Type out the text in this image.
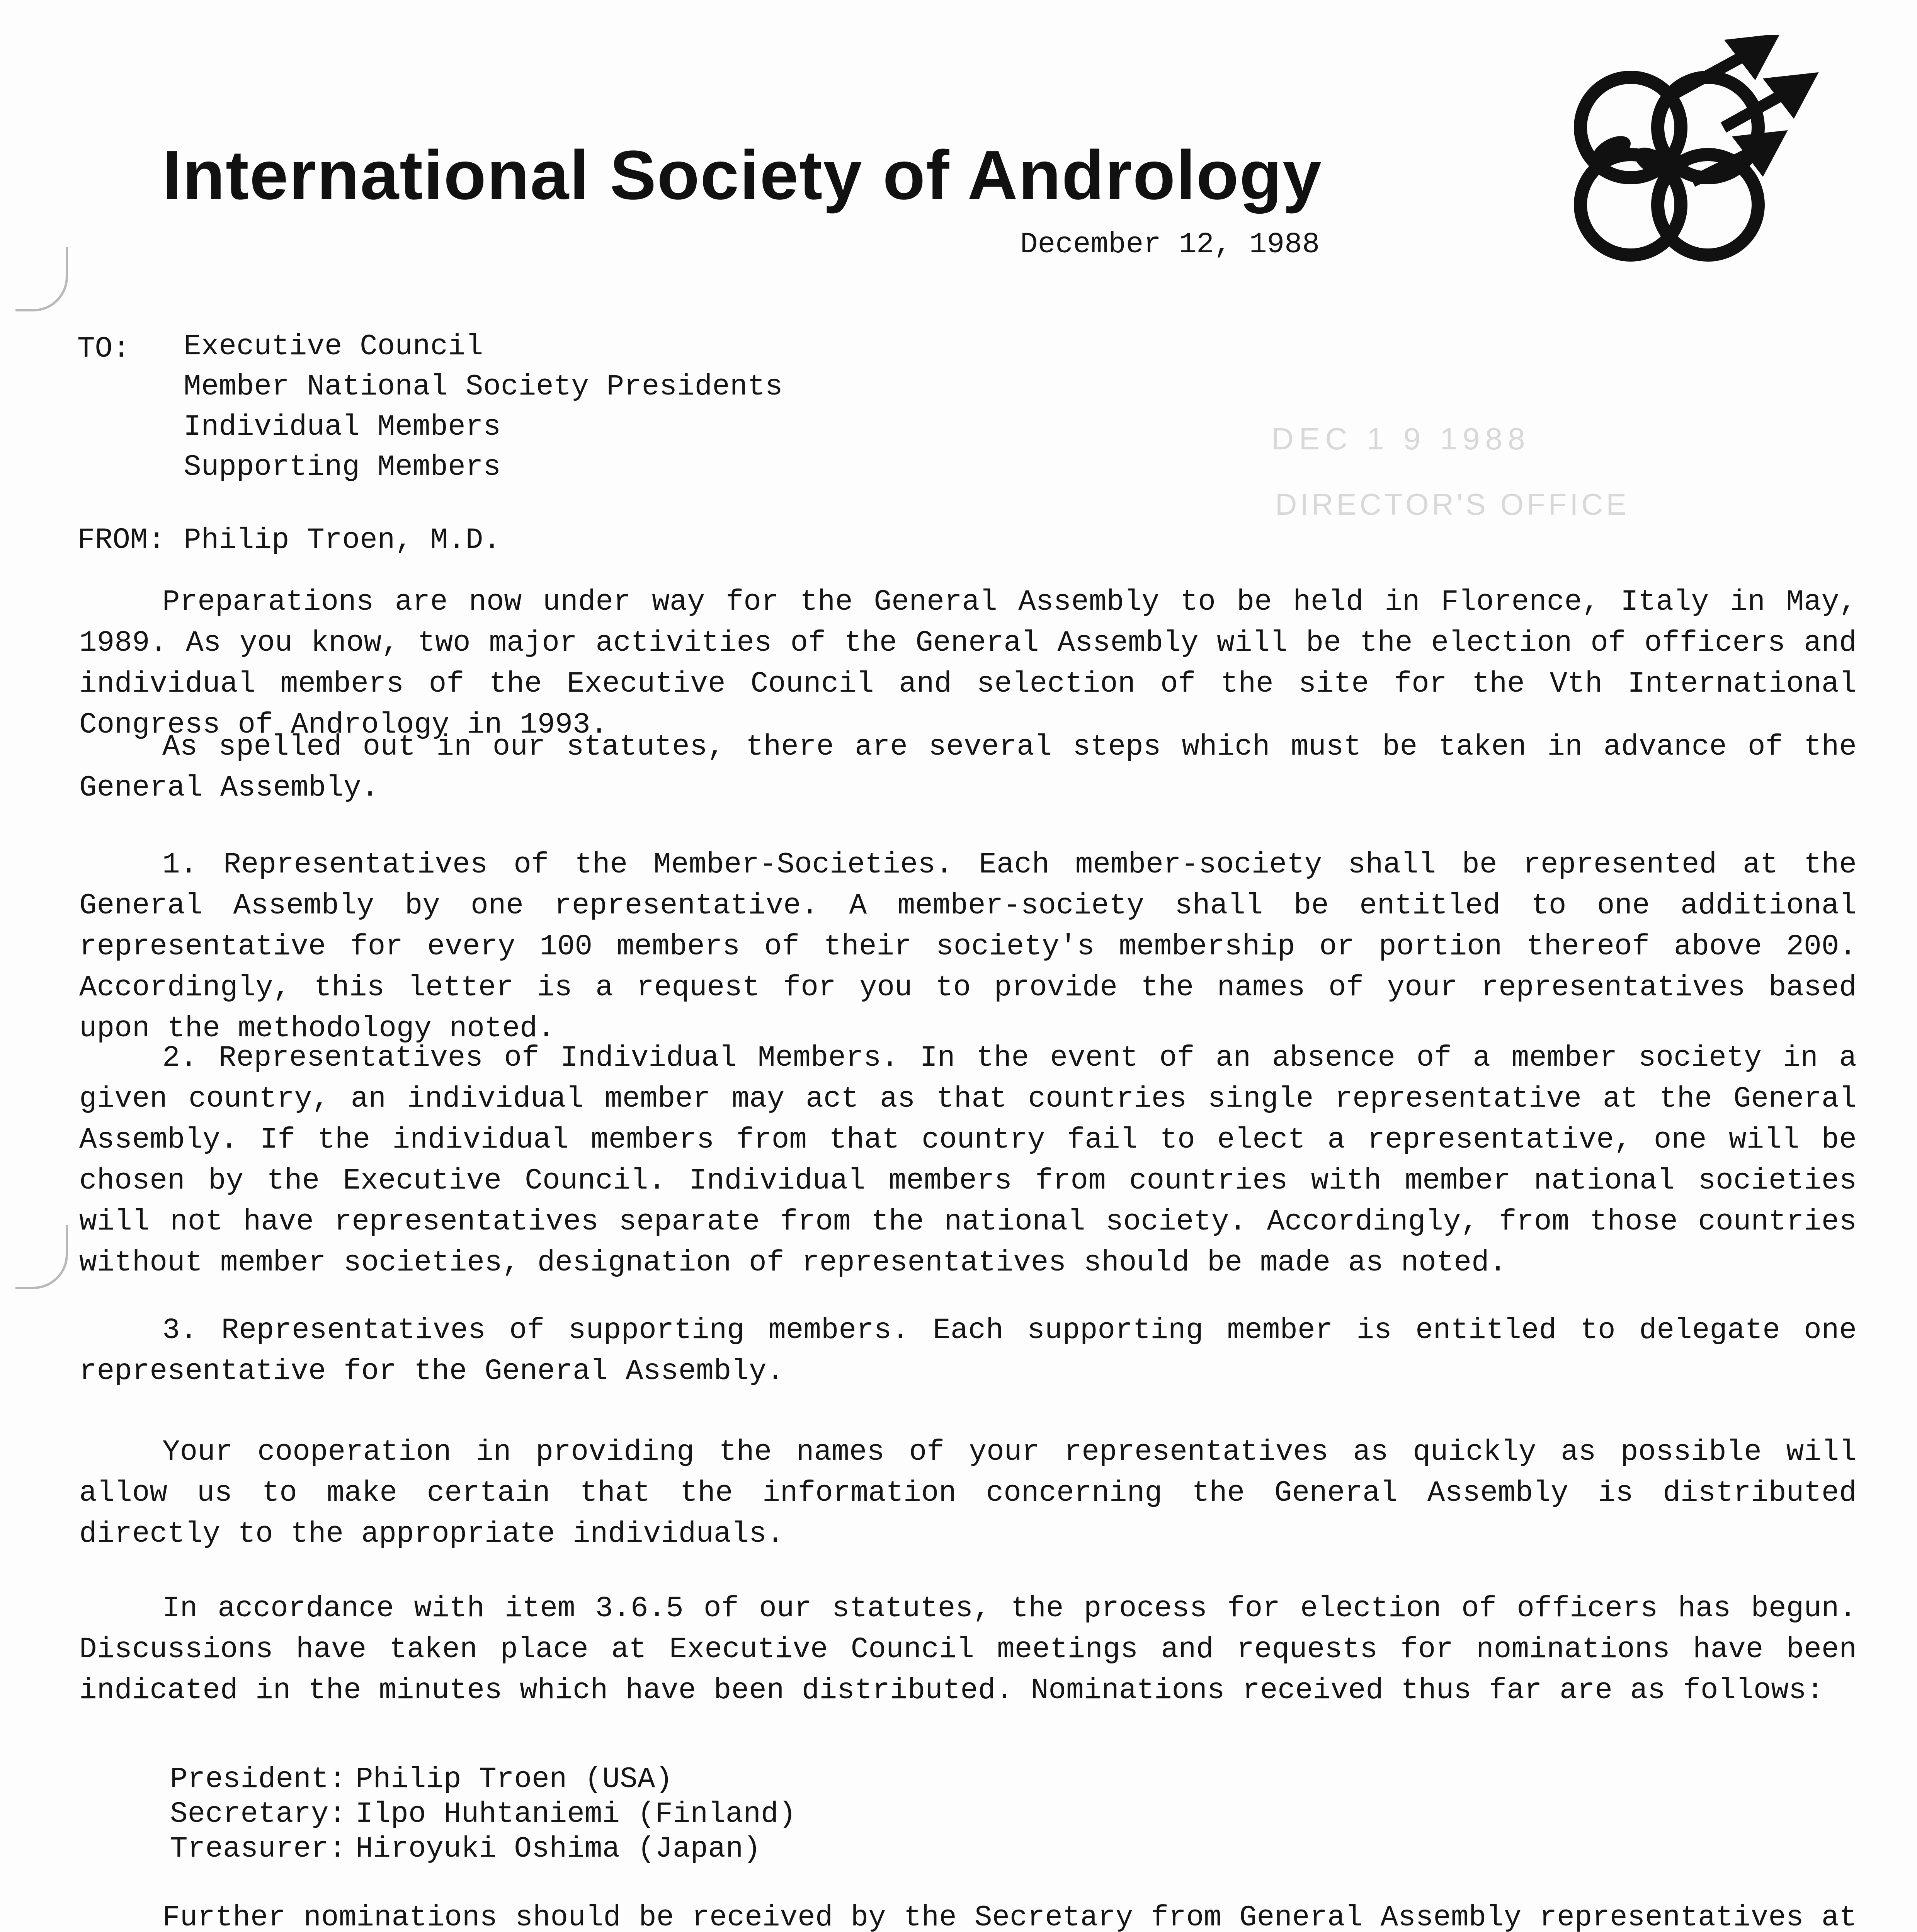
International Society of Andrology
December 12, 1988
TO: Executive Council
Member National Society Presidents
Individual Members
Supporting Members
DEC 1 9 1988
DIRECTOR'S OFFICE
FROM: Philip Troen, M.D.
Preparations are now under way for the General Assembly to be held in Florence, Italy in May, 1989. As you know, two major activities of the General Assembly will be the election of officers and individual members of the Executive Council and selection of the site for the Vth International Congress of Andrology in 1993.
As spelled out in our statutes, there are several steps which must be taken in advance of the General Assembly.
1. Representatives of the Member-Societies. Each member-society shall be represented at the General Assembly by one representative. A member-society shall be entitled to one additional representative for every 100 members of their society's membership or portion thereof above 200. Accordingly, this letter is a request for you to provide the names of your representatives based upon the methodology noted.
2. Representatives of Individual Members. In the event of an absence of a member society in a given country, an individual member may act as that countries single representative at the General Assembly. If the individual members from that country fail to elect a representative, one will be chosen by the Executive Council. Individual members from countries with member national societies will not have representatives separate from the national society. Accordingly, from those countries without member societies, designation of representatives should be made as noted.
3. Representatives of supporting members. Each supporting member is entitled to delegate one representative for the General Assembly.
Your cooperation in providing the names of your representatives as quickly as possible will allow us to make certain that the information concerning the General Assembly is distributed directly to the appropriate individuals.
In accordance with item 3.6.5 of our statutes, the process for election of officers has begun. Discussions have taken place at Executive Council meetings and requests for nominations have been indicated in the minutes which have been distributed. Nominations received thus far are as follows:
President: Philip Troen (USA)
Secretary: Ilpo Huhtaniemi (Finland)
Treasurer: Hiroyuki Oshima (Japan)
Further nominations should be received by the Secretary from General Assembly representatives at
